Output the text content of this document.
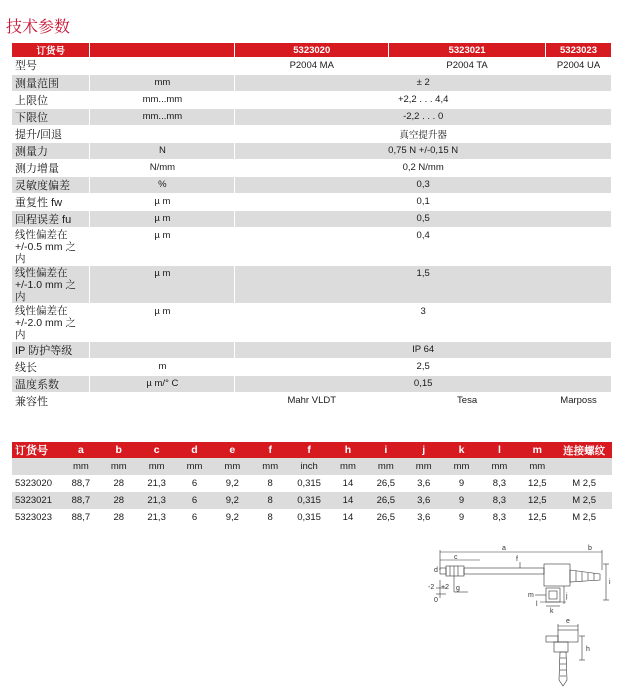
技术参数
订货号		5323020	5323021	5323023
型号		P2004 MA	P2004 TA	P2004 UA
测量范围	mm	± 2		
上限位	mm...mm	+2,2 . . . 4,4		
下限位	mm...mm	-2,2 . . . 0		
提升/回退		真空提升器		
测量力	N	0,75 N +/-0,15 N		
测力增量	N/mm	0,2 N/mm		
灵敏度偏差	%	0,3		
重复性 fw	µ m	0,1		
回程误差 fu	µ m	0,5		
线性偏差在 +/-0.5 mm 之内	µ m	0,4		
线性偏差在 +/-1.0 mm 之内	µ m	1,5		
线性偏差在 +/-2.0 mm 之内	µ m	3		
IP 防护等级		IP 64		
线长	m	2,5		
温度系数	µ m/° C	0,15		
兼容性		Mahr VLDT	Tesa	Marposs
订货号	a	b	c	d	e	f	f	h	i	j	k	l	m	连接螺纹
	mm	mm	mm	mm	mm	mm	inch	mm	mm	mm	mm	mm	mm	
5323020	88,7	28	21,3	6	9,2	8	0,315	14	26,5	3,6	9	8,3	12,5	M 2,5
5323021	88,7	28	21,3	6	9,2	8	0,315	14	26,5	3,6	9	8,3	12,5	M 2,5
5323023	88,7	28	21,3	6	9,2	8	0,315	14	26,5	3,6	9	8,3	12,5	M 2,5
a	b
c
d
f
i
-2 +2
0
g
m
l
j
k
e
h
